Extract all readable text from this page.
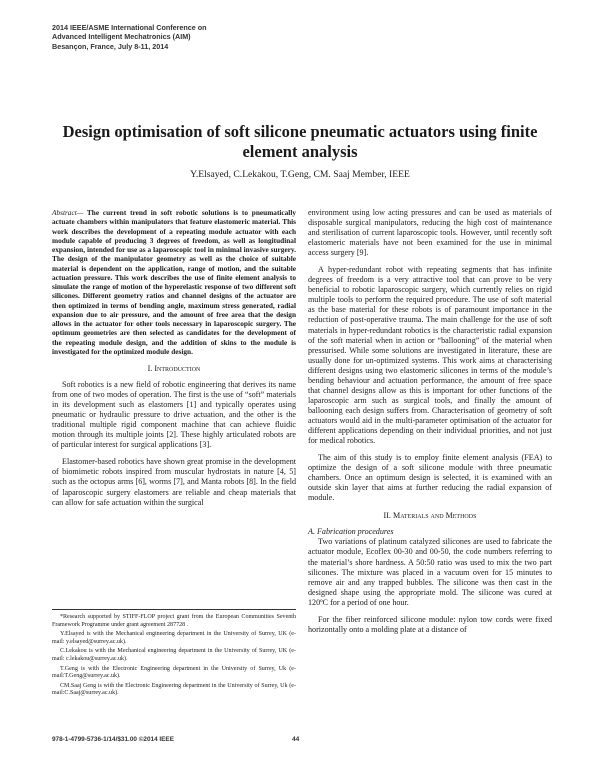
2014 IEEE/ASME International Conference on
Advanced Intelligent Mechatronics (AIM)
Besançon, France, July 8-11, 2014
Design optimisation of soft silicone pneumatic actuators using finite element analysis
Y.Elsayed, C.Lekakou, T.Geng, CM. Saaj Member, IEEE

Abstract— The current trend in soft robotic solutions is to pneumatically actuate chambers within manipulators that feature elastomeric material. This work describes the development of a repeating module actuator with each module capable of producing 3 degrees of freedom, as well as longitudinal expansion, intended for use as a laparoscopic tool in minimal invasive surgery. The design of the manipulator geometry as well as the choice of suitable material is dependent on the application, range of motion, and the suitable actuation pressure. This work describes the use of finite element analysis to simulate the range of motion of the hyperelastic response of two different soft silicones. Different geometry ratios and channel designs of the actuator are then optimized in terms of bending angle, maximum stress generated, radial expansion due to air pressure, and the amount of free area that the design allows in the actuator for other tools necessary in laparoscopic surgery. The optimum geometries are then selected as candidates for the development of the repeating module design, and the addition of skins to the module is investigated for the optimized module design.

I. Introduction

Soft robotics is a new field of robotic engineering that derives its name from one of two modes of operation. The first is the use of “soft” materials in its development such as elastomers [1] and typically operates using pneumatic or hydraulic pressure to drive actuation, and the other is the traditional multiple rigid component machine that can achieve fluidic motion through its multiple joints [2]. These highly articulated robots are of particular interest for surgical applications [3].

Elastomer-based robotics have shown great promise in the development of biomimetic robots inspired from muscular hydrostats in nature [4, 5] such as the octopus arms [6], worms [7], and Manta robots [8]. In the field of laparoscopic surgery elastomers are reliable and cheap materials that can allow for safe actuation within the surgical

*Research supported by STIFF-FLOP project grant from the European Communities Seventh Framework Programme under grant agreement 287728 .

Y.Elsayed is with the Mechanical engineering department in the University of Surrey, UK (e-mail: y.elsayed@surrey.ac.uk).

C.Lekakou is with the Mechanical engineering department in the University of Surrey, UK (e-mail: c.lekakou@surrey.ac.uk).

T.Geng is with the Electronic Engineering department in the University of Surrey, Uk (e-mail:T.Geng@surrey.ac.uk).

CM.Saaj Geng is with the Electronic Engineering department in the University of Surrey, Uk (e-mail:C.Saaj@surrey.ac.uk).

environment using low acting pressures and can be used as materials of disposable surgical manipulators, reducing the high cost of maintenance and sterilisation of current laparoscopic tools. However, until recently soft elastomeric materials have not been examined for the use in minimal access surgery [9].

A hyper-redundant robot with repeating segments that has infinite degrees of freedom is a very attractive tool that can prove to be very beneficial to robotic laparoscopic surgery, which currently relies on rigid multiple tools to perform the required procedure. The use of soft material as the base material for these robots is of paramount importance in the reduction of post-operative trauma. The main challenge for the use of soft materials in hyper-redundant robotics is the characteristic radial expansion of the soft material when in action or “ballooning” of the material when pressurised. While some solutions are investigated in literature, these are usually done for un-optimized systems. This work aims at characterising different designs using two elastomeric silicones in terms of the module’s bending behaviour and actuation performance, the amount of free space that channel designs allow as this is important for other functions of the laparoscopic arm such as surgical tools, and finally the amount of ballooning each design suffers from. Characterisation of geometry of soft actuators would aid in the multi-parameter optimisation of the actuator for different applications depending on their individual priorities, and not just for medical robotics.

The aim of this study is to employ finite element analysis (FEA) to optimize the design of a soft silicone module with three pneumatic chambers. Once an optimum design is selected, it is examined with an outside skin layer that aims at further reducing the radial expansion of module.

II. Materials and Methods

A. Fabrication procedures

Two variations of platinum catalyzed silicones are used to fabricate the actuator module, Ecoflex 00-30 and 00-50, the code numbers referring to the material’s shore hardness. A 50:50 ratio was used to mix the two part silicones. The mixture was placed in a vacuum oven for 15 minutes to remove air and any trapped bubbles. The silicone was then cast in the designed shape using the appropriate mold. The silicone was cured at 120ºC for a period of one hour.

For the fiber reinforced silicone module: nylon tow cords were fixed horizontally onto a molding plate at a distance of

978-1-4799-5736-1/14/$31.00 ©2014 IEEE	44
